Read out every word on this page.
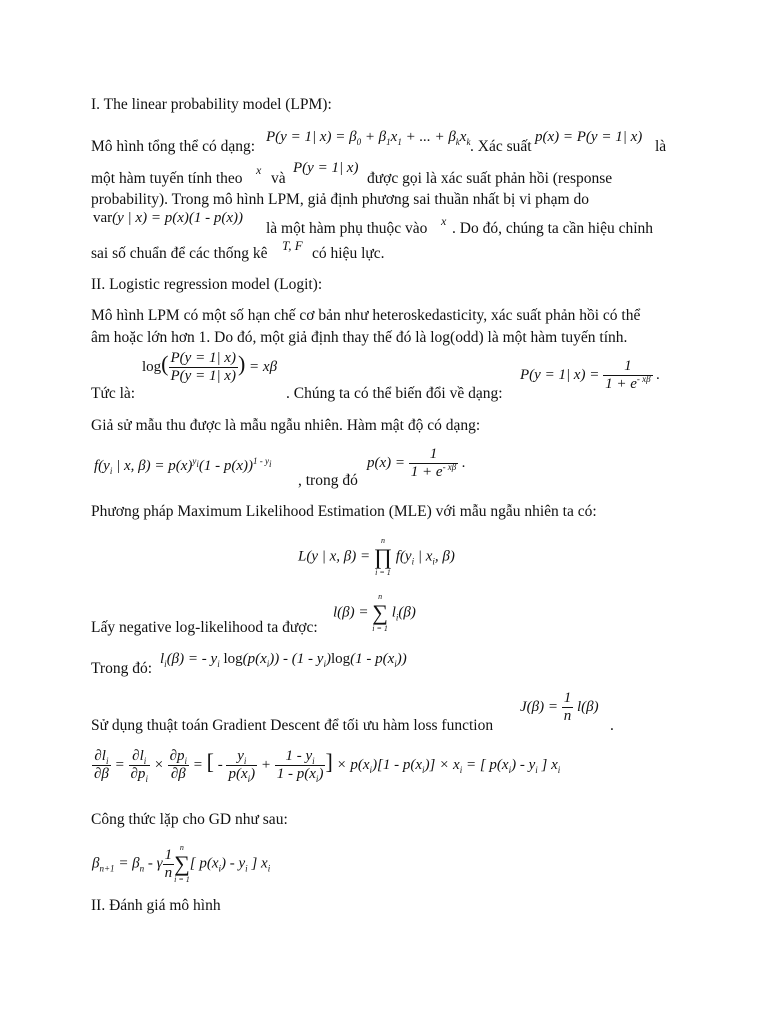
I. The linear probability model (LPM):
Mô hình tổng thể có dạng:
P(y = 1| $x) = \beta_0 + \beta_1x_1$ + ... + $\beta_kx_k$ . Xác suất
p(x) = P(y = 1| x)
là
một hàm tuyến tính theo x và
P(y = 1| x)
được gọi là xác suất phản hồi (response
probability). Trong mô hình LPM, giả định phương sai thuần nhất bị vi phạm do
var(y | x) = p(x)(1 - p(x))
là một hàm phụ thuộc vào x . Do đó, chúng ta cần hiệu chỉnh
sai số chuẩn để các thống kê T, F có hiệu lực.
II. Logistic regression model (Logit):
Mô hình LPM có một số hạn chế cơ bản như heteroskedasticity, xác suất phản hồi có thể
âm hoặc lớn hơn 1. Do đó, một giả định thay thế đó là log(odd) là một hàm tuyến tính.
Tức là:
$\log( \frac{P(y = 1| x)}{P(y = 1| x)}$ ) = xβ
. Chúng ta có thể biến đổi về dạng:
P(y = 1| $x) = \frac{1}{1 + e^{- x\beta}}$ .
Giả sử mẫu thu được là mẫu ngẫu nhiên. Hàm mật độ có dạng:
$f(y_i$ | x, $\beta) = p(x)^{y_i}(1 - p(x))^{1 - y_i}$
, trong đó
$p(x) = \frac{1}{1 + e^{- x\beta}}$ .
Phương pháp Maximum Likelihood Estimation (MLE) với mẫu ngẫu nhiên ta có:
L(y | x, β) =
n
∏
i = 1
$f(y_i$ | $x_i$, β)
l(β) =
n
∑
i = 1
$l_i(\beta)$
Lấy negative log-likelihood ta được:
Trong đó:
$l_i(\beta)$ = - $y_i$ $\log(p(x_i)) - (1 - y_i)\log(1 - p(x_i))$
$J(\beta) = \frac{1}{n} l(\beta)$
Sử dụng thuật toán Gradient Descent để tối ưu hàm loss function	.
$\frac{\partial l_i}{\partial\beta} = \frac{\partial l_i}{\partial p_i} \times \frac{\partial p_i}{\partial\beta}$ = [ - $\frac{y_i}{p(x_i)} + \frac{1 - y_i}{1 - p(x_i)}$ ] × $p(x_i)[1 - p(x_i)] \times x_i$ = [ $p(x_i) - y_i$ ] $x_i$
Công thức lặp cho GD như sau:
$\beta_{n+1} = \beta_n - \gamma \frac{1}{n}$ n
∑
i = 1
[ $p(x_i) - y_i$ ] $x_i$
II. Đánh giá mô hình
